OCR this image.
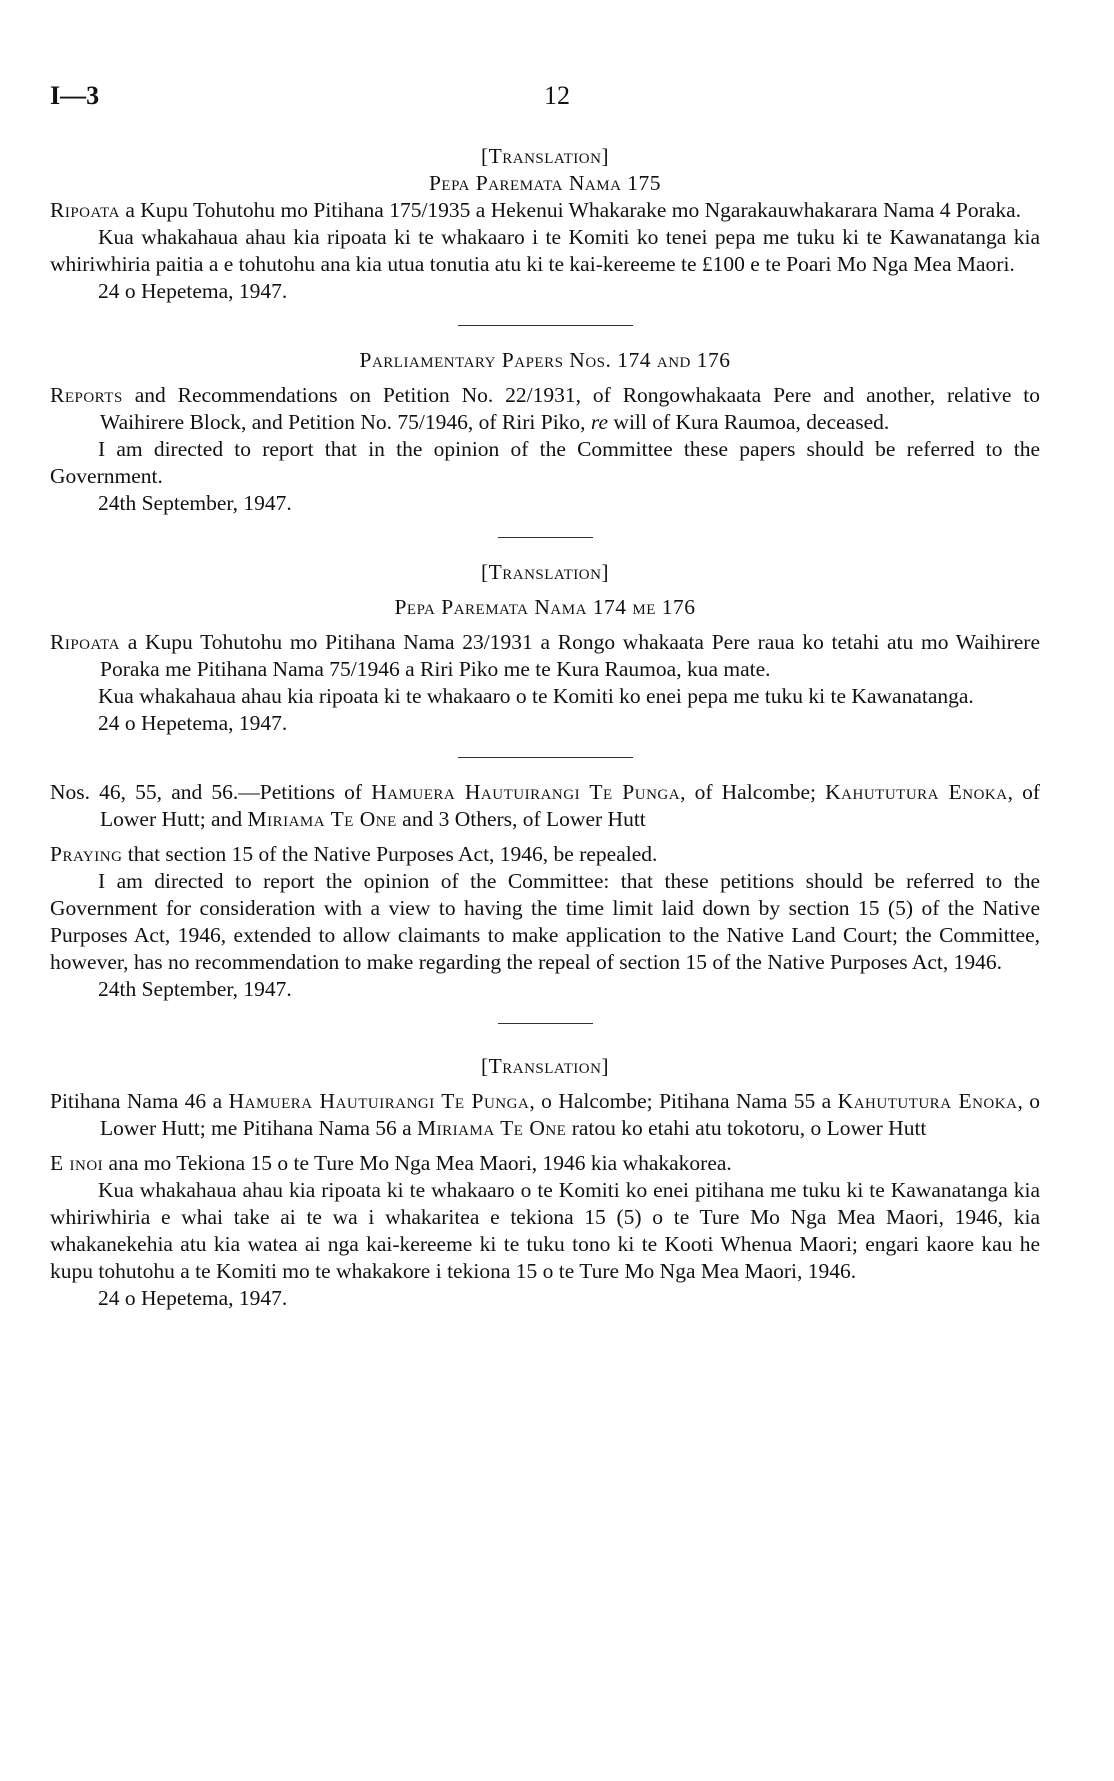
I—3	12
[Translation]
Pepa Paremata Nama 175

Ripoata a Kupu Tohutohu mo Pitihana 175/1935 a Hekenui Whakarake mo Ngarakauwhakarara Nama 4 Poraka.

Kua whakahaua ahau kia ripoata ki te whakaaro i te Komiti ko tenei pepa me tuku ki te Kawanatanga kia whiriwhiria paitia a e tohutohu ana kia utua tonutia atu ki te kai-kereeme te £100 e te Poari Mo Nga Mea Maori.

24 o Hepetema, 1947.

Parliamentary Papers Nos. 174 and 176

Reports and Recommendations on Petition No. 22/1931, of Rongowhakaata Pere and another, relative to Waihirere Block, and Petition No. 75/1946, of Riri Piko, re will of Kura Raumoa, deceased.

I am directed to report that in the opinion of the Committee these papers should be referred to the Government.

24th September, 1947.

[Translation]
Pepa Paremata Nama 174 me 176

Ripoata a Kupu Tohutohu mo Pitihana Nama 23/1931 a Rongo whakaata Pere raua ko tetahi atu mo Waihirere Poraka me Pitihana Nama 75/1946 a Riri Piko me te Kura Raumoa, kua mate.

Kua whakahaua ahau kia ripoata ki te whakaaro o te Komiti ko enei pepa me tuku ki te Kawanatanga.

24 o Hepetema, 1947.

Nos. 46, 55, and 56.—Petitions of Hamuera Hautuirangi Te Punga, of Halcombe; Kahututura Enoka, of Lower Hutt; and Miriama Te One and 3 Others, of Lower Hutt

Praying that section 15 of the Native Purposes Act, 1946, be repealed.

I am directed to report the opinion of the Committee: that these petitions should be referred to the Government for consideration with a view to having the time limit laid down by section 15 (5) of the Native Purposes Act, 1946, extended to allow claimants to make application to the Native Land Court; the Committee, however, has no recommendation to make regarding the repeal of section 15 of the Native Purposes Act, 1946.

24th September, 1947.

[Translation]

Pitihana Nama 46 a Hamuera Hautuirangi Te Punga, o Halcombe; Pitihana Nama 55 a Kahututura Enoka, o Lower Hutt; me Pitihana Nama 56 a Miriama Te One ratou ko etahi atu tokotoru, o Lower Hutt

E inoi ana mo Tekiona 15 o te Ture Mo Nga Mea Maori, 1946 kia whakakorea.

Kua whakahaua ahau kia ripoata ki te whakaaro o te Komiti ko enei pitihana me tuku ki te Kawanatanga kia whiriwhiria e whai take ai te wa i whakaritea e tekiona 15 (5) o te Ture Mo Nga Mea Maori, 1946, kia whakanekehia atu kia watea ai nga kai-kereeme ki te tuku tono ki te Kooti Whenua Maori; engari kaore kau he kupu tohutohu a te Komiti mo te whakakore i tekiona 15 o te Ture Mo Nga Mea Maori, 1946.

24 o Hepetema, 1947.
